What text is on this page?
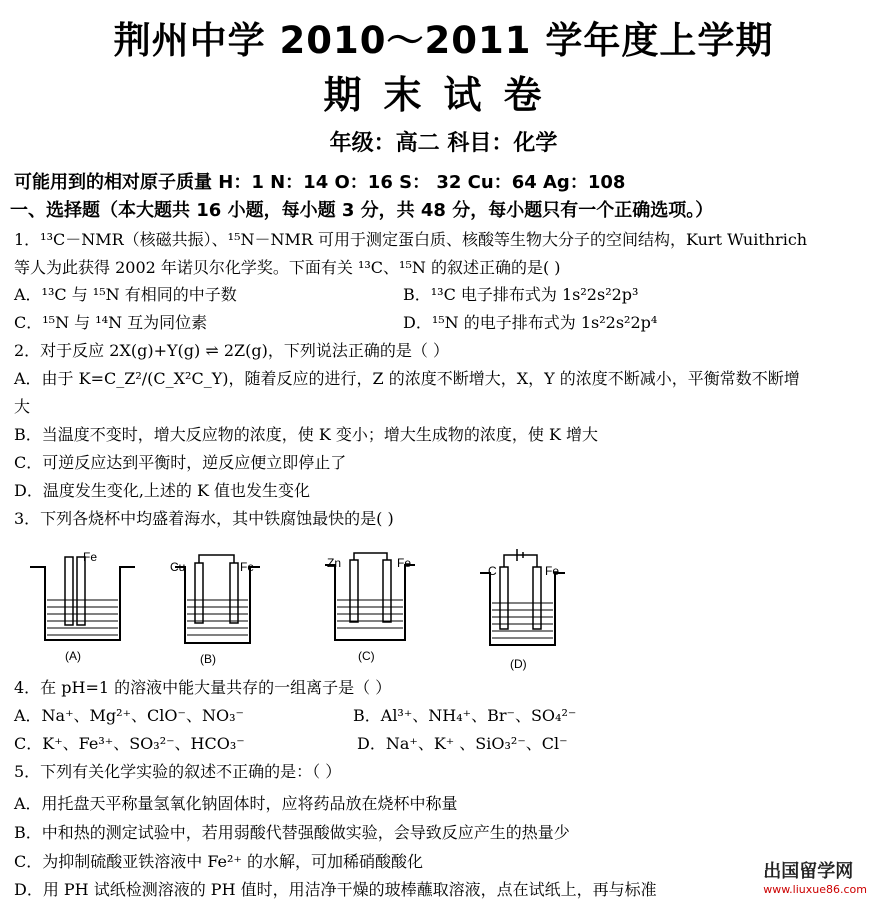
荆州中学 2010～2011 学年度上学期
期末试卷
年级：高二 科目：化学
可能用到的相对原子质量 H：1 N：14 O：16 S： 32 Cu：64 Ag：108
一、选择题（本大题共 16 小题，每小题 3 分，共 48 分，每小题只有一个正确选项。）
1．¹³C－NMR（核磁共振）、¹⁵N－NMR 可用于测定蛋白质、核酸等生物大分子的空间结构，Kurt Wuithrich
等人为此获得 2002 年诺贝尔化学奖。下面有关 ¹³C、¹⁵N 的叙述正确的是( )
A．¹³C 与 ¹⁵N 有相同的中子数	B．¹³C 电子排布式为 1s²2s²2p³
C．¹⁵N 与 ¹⁴N 互为同位素	D．¹⁵N 的电子排布式为 1s²2s²2p⁴
2．对于反应 2X(g)+Y(g) ⇌ 2Z(g)，下列说法正确的是（ ）
A．由于 K=C_Z²/(C_X²C_Y)，随着反应的进行，Z 的浓度不断增大，X，Y 的浓度不断减小，平衡常数不断增
大
B．当温度不变时，增大反应物的浓度，使 K 变小；增大生成物的浓度，使 K 增大
C．可逆反应达到平衡时，逆反应便立即停止了
D．温度发生变化,上述的 K 值也发生变化
3．下列各烧杯中均盛着海水，其中铁腐蚀最快的是( )
Fe
(A)
Cu	Fe
(B)
Zn	Fe
(C)
C	Fe
(D)
4．在 pH=1 的溶液中能大量共存的一组离子是（ ）
A．Na⁺、Mg²⁺、ClO⁻、NO₃⁻	B．Al³⁺、NH₄⁺、Br⁻、SO₄²⁻
C．K⁺、Fe³⁺、SO₃²⁻、HCO₃⁻	D．Na⁺、K⁺ 、SiO₃²⁻、Cl⁻
5．下列有关化学实验的叙述不正确的是：（ ）
A．用托盘天平称量氢氧化钠固体时，应将药品放在烧杯中称量
B．中和热的测定试验中，若用弱酸代替强酸做实验，会导致反应产生的热量少
C．为抑制硫酸亚铁溶液中 Fe²⁺ 的水解，可加稀硝酸酸化
D．用 PH 试纸检测溶液的 PH 值时，用洁净干燥的玻棒蘸取溶液，点在试纸上，再与标准
出国留学网
www.liuxue86.com
